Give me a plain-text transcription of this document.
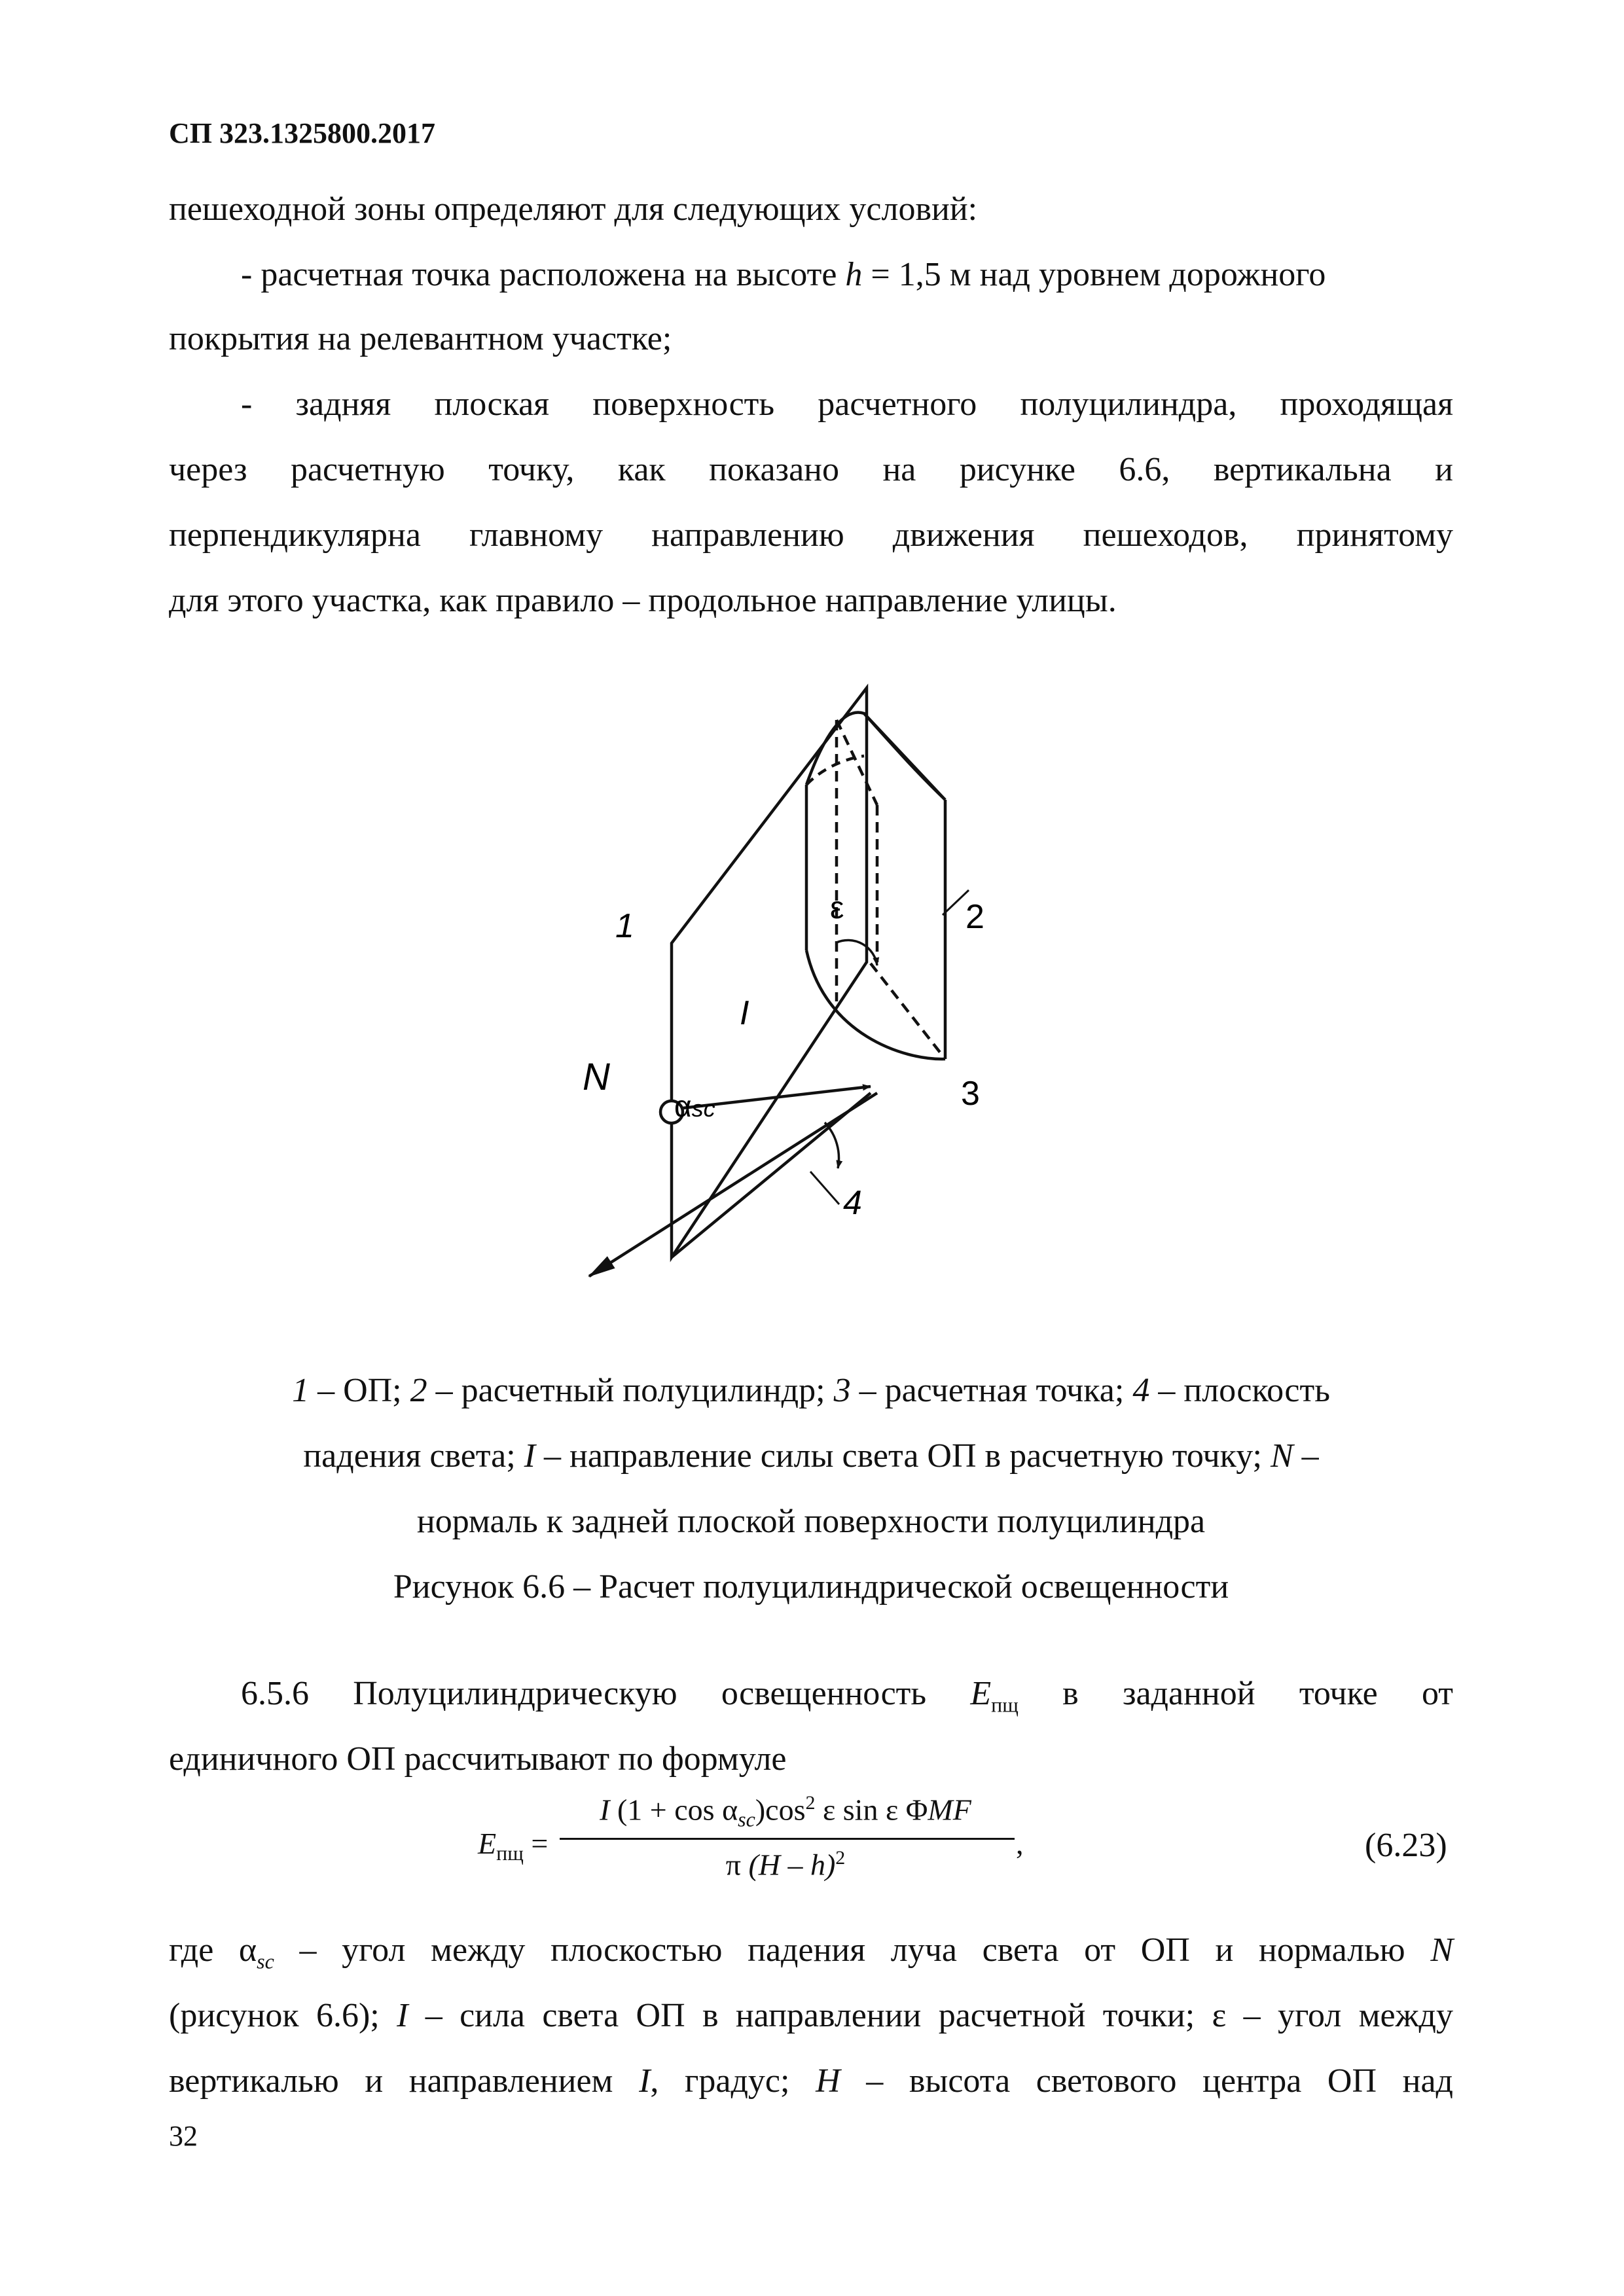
СП 323.1325800.2017
пешеходной зоны определяют для следующих условий:
- расчетная точка расположена на высоте h = 1,5 м над уровнем дорожного
покрытия на релевантном участке;
- задняя плоская поверхность расчетного полуцилиндра, проходящая
через расчетную точку, как показано на рисунке 6.6, вертикальна и
перпендикулярна главному направлению движения пешеходов, принятому
для этого участка, как правило – продольное направление улицы.
1	2
3
4
N
I
ε
αsc
1 – ОП; 2 – расчетный полуцилиндр; 3 – расчетная точка; 4 – плоскость
падения света; I – направление силы света ОП в расчетную точку; N –
нормаль к задней плоской поверхности полуцилиндра
Рисунок 6.6 – Расчет полуцилиндрической освещенности
6.5.6 Полуцилиндрическую освещенность $E_{пщ}$ в заданной точке от
единичного ОП рассчитывают по формуле
$E_{пщ}$ =
I $(1 + \cos \alpha_{sc})\cos^2$ ε sin ε ΦMF
π (H – h)$^2$	,	(6.23)
где $\alpha_{sc}$ – угол между плоскостью падения луча света от ОП и нормалью N
(рисунок 6.6); I – сила света ОП в направлении расчетной точки; ε – угол между
вертикалью и направлением I, градус; H – высота светового центра ОП над
32
